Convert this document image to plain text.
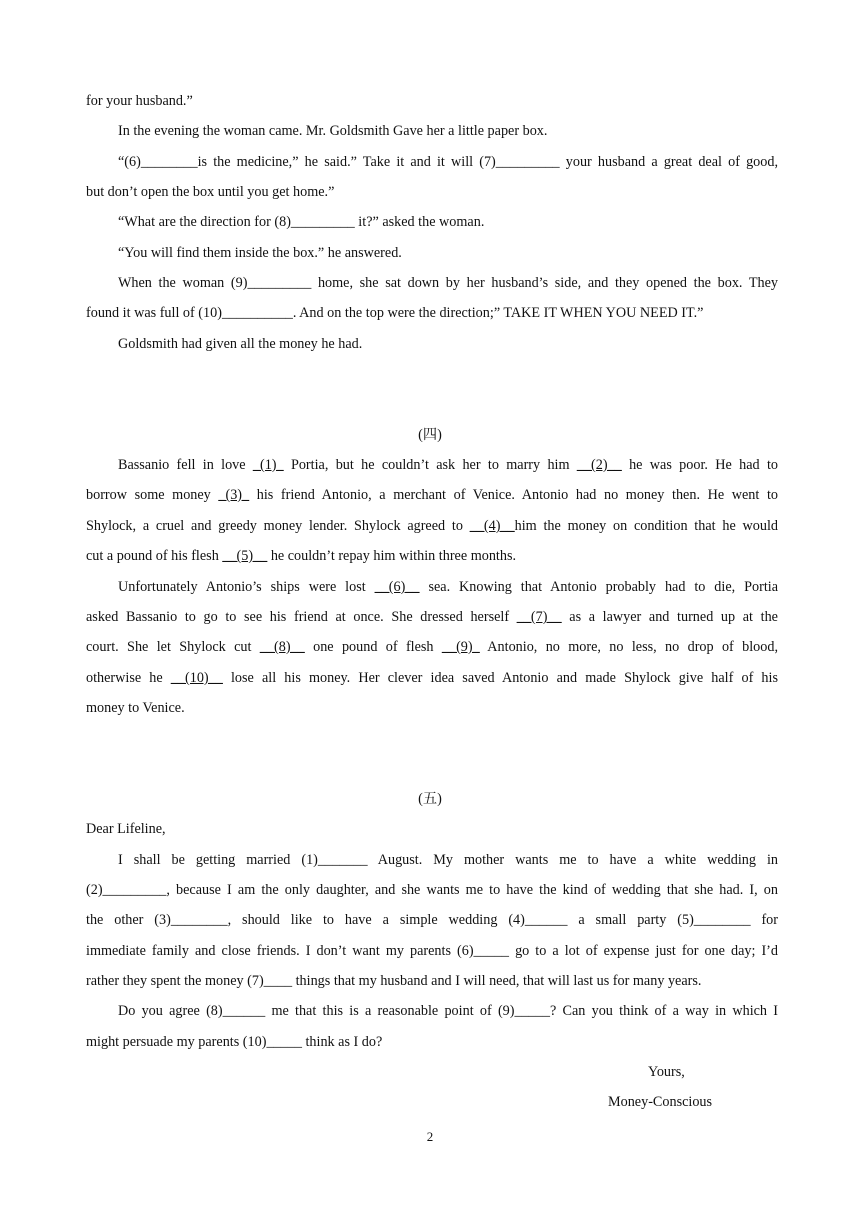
for your husband.”
In the evening the woman came. Mr. Goldsmith Gave her a little paper box.
“(6)________is the medicine,” he said.” Take it and it will (7)_________ your husband a great deal of good,
but don’t open the box until you get home.”
“What are the direction for (8)_________ it?” asked the woman.
“You will find them inside the box.” he answered.
When the woman (9)_________ home, she sat down by her husband’s side, and they opened the box. They
found it was full of (10)__________. And on the top were the direction;” TAKE IT WHEN YOU NEED IT.”
Goldsmith had given all the money he had.
(四)
Bassanio fell in love _(1)_ Portia, but he couldn’t ask her to marry him __(2)__ he was poor. He had to
borrow some money _(3)_ his friend Antonio, a merchant of Venice. Antonio had no money then. He went to
Shylock, a cruel and greedy money lender. Shylock agreed to __(4)__him the money on condition that he would
cut a pound of his flesh __(5)__ he couldn’t repay him within three months.
Unfortunately Antonio’s ships were lost __(6)__ sea. Knowing that Antonio probably had to die, Portia
asked Bassanio to go to see his friend at once. She dressed herself __(7)__ as a lawyer and turned up at the
court. She let Shylock cut __(8)__ one pound of flesh __(9)_ Antonio, no more, no less, no drop of blood,
otherwise he __(10)__ lose all his money. Her clever idea saved Antonio and made Shylock give half of his
money to Venice.
(五)
Dear Lifeline,
I shall be getting married (1)_______ August. My mother wants me to have a white wedding in
(2)_________, because I am the only daughter, and she wants me to have the kind of wedding that she had. I, on
the other (3)________, should like to have a simple wedding (4)______ a small party (5)________ for
immediate family and close friends. I don’t want my parents (6)_____ go to a lot of expense just for one day; I’d
rather they spent the money (7)____ things that my husband and I will need, that will last us for many years.
Do you agree (8)______ me that this is a reasonable point of (9)_____? Can you think of a way in which I
might persuade my parents (10)_____ think as I do?
Yours,
Money-Conscious
2
